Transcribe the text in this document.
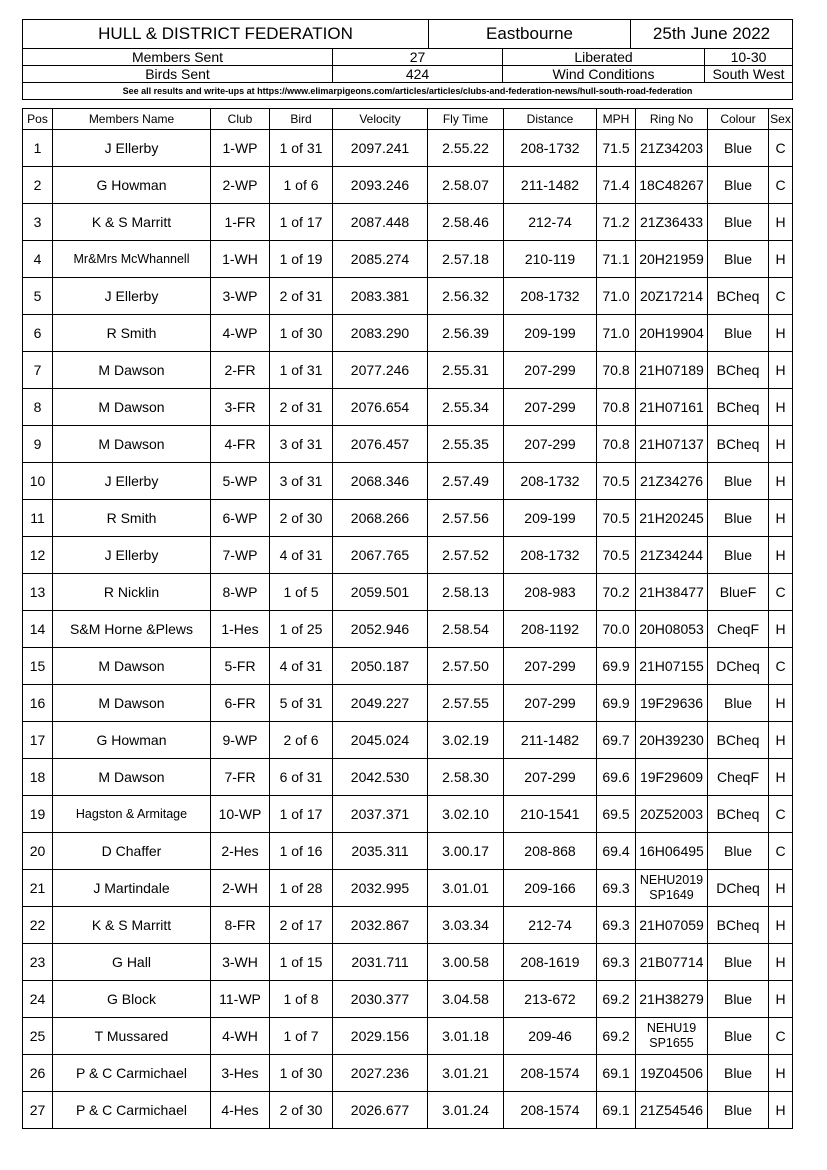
HULL & DISTRICT FEDERATION		Eastbourne		25th June 2022	
Members Sent	27		Liberated		10-30
Birds Sent	424		Wind Conditions		South West
See all results and write-ups at https://www.elimarpigeons.com/articles/articles/clubs-and-federation-news/hull-south-road-federation					
Pos	Members Name	Club	Bird	Velocity	Fly Time	Distance	MPH	Ring No	Colour	Sex
1	J Ellerby	1-WP	1 of 31	2097.241	2.55.22	208-1732	71.5	21Z34203	Blue	C
2	G Howman	2-WP	1 of 6	2093.246	2.58.07	211-1482	71.4	18C48267	Blue	C
3	K & S Marritt	1-FR	1 of 17	2087.448	2.58.46	212-74	71.2	21Z36433	Blue	H
4	Mr&Mrs McWhannell	1-WH	1 of 19	2085.274	2.57.18	210-119	71.1	20H21959	Blue	H
5	J Ellerby	3-WP	2 of 31	2083.381	2.56.32	208-1732	71.0	20Z17214	BCheq	C
6	R Smith	4-WP	1 of 30	2083.290	2.56.39	209-199	71.0	20H19904	Blue	H
7	M Dawson	2-FR	1 of 31	2077.246	2.55.31	207-299	70.8	21H07189	BCheq	H
8	M Dawson	3-FR	2 of 31	2076.654	2.55.34	207-299	70.8	21H07161	BCheq	H
9	M Dawson	4-FR	3 of 31	2076.457	2.55.35	207-299	70.8	21H07137	BCheq	H
10	J Ellerby	5-WP	3 of 31	2068.346	2.57.49	208-1732	70.5	21Z34276	Blue	H
11	R Smith	6-WP	2 of 30	2068.266	2.57.56	209-199	70.5	21H20245	Blue	H
12	J Ellerby	7-WP	4 of 31	2067.765	2.57.52	208-1732	70.5	21Z34244	Blue	H
13	R Nicklin	8-WP	1 of 5	2059.501	2.58.13	208-983	70.2	21H38477	BlueF	C
14	S&M Horne &Plews	1-Hes	1 of 25	2052.946	2.58.54	208-1192	70.0	20H08053	CheqF	H
15	M Dawson	5-FR	4 of 31	2050.187	2.57.50	207-299	69.9	21H07155	DCheq	C
16	M Dawson	6-FR	5 of 31	2049.227	2.57.55	207-299	69.9	19F29636	Blue	H
17	G Howman	9-WP	2 of 6	2045.024	3.02.19	211-1482	69.7	20H39230	BCheq	H
18	M Dawson	7-FR	6 of 31	2042.530	2.58.30	207-299	69.6	19F29609	CheqF	H
19	Hagston & Armitage	10-WP	1 of 17	2037.371	3.02.10	210-1541	69.5	20Z52003	BCheq	C
20	D Chaffer	2-Hes	1 of 16	2035.311	3.00.17	208-868	69.4	16H06495	Blue	C
21	J Martindale	2-WH	1 of 28	2032.995	3.01.01	209-166	69.3	NEHU2019
SP1649	DCheq	H
22	K & S Marritt	8-FR	2 of 17	2032.867	3.03.34	212-74	69.3	21H07059	BCheq	H
23	G Hall	3-WH	1 of 15	2031.711	3.00.58	208-1619	69.3	21B07714	Blue	H
24	G Block	11-WP	1 of 8	2030.377	3.04.58	213-672	69.2	21H38279	Blue	H
25	T Mussared	4-WH	1 of 7	2029.156	3.01.18	209-46	69.2	NEHU19
SP1655	Blue	C
26	P & C Carmichael	3-Hes	1 of 30	2027.236	3.01.21	208-1574	69.1	19Z04506	Blue	H
27	P & C Carmichael	4-Hes	2 of 30	2026.677	3.01.24	208-1574	69.1	21Z54546	Blue	H
